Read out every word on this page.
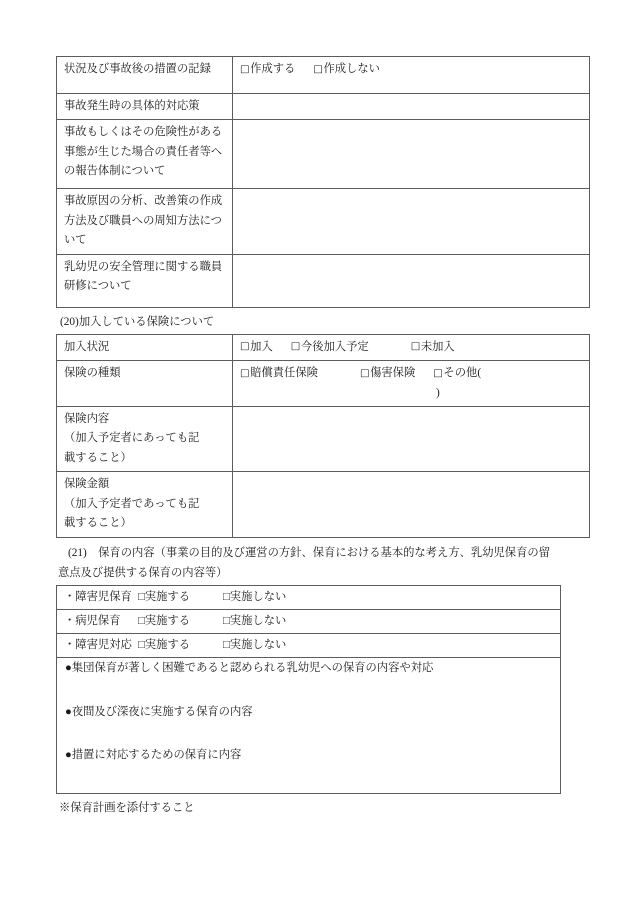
状況及び事故後の措置の記録	□作成する □作成しない
事故発生時の具体的対応策	
事故もしくはその危険性がある事態が生じた場合の責任者等への報告体制について	
事故原因の分析、改善策の作成方法及び職員への周知方法について	
乳幼児の安全管理に関する職員研修について	
(20)加入している保険について
加入状況	□加入 □今後加入予定 □未加入
保険の種類	□賠償責任保険 □傷害保険 □その他()
保険内容
（加入予定者にあっても記
載すること）	
保険金額
（加入予定者であっても記
載すること）	
(21)　保育の内容（事業の目的及び運営の方針、保育における基本的な考え方、乳幼児保育の留
意点及び提供する保育の内容等）
・障害児保育 □実施する	□実施しない
・病児保育 □実施する	□実施しない
・障害児対応 □実施する	□実施しない

●集団保育が著しく困難であると認められる乳幼児への保育の内容や対応

●夜間及び深夜に実施する保育の内容

●措置に対応するための保育に内容

※保育計画を添付すること
